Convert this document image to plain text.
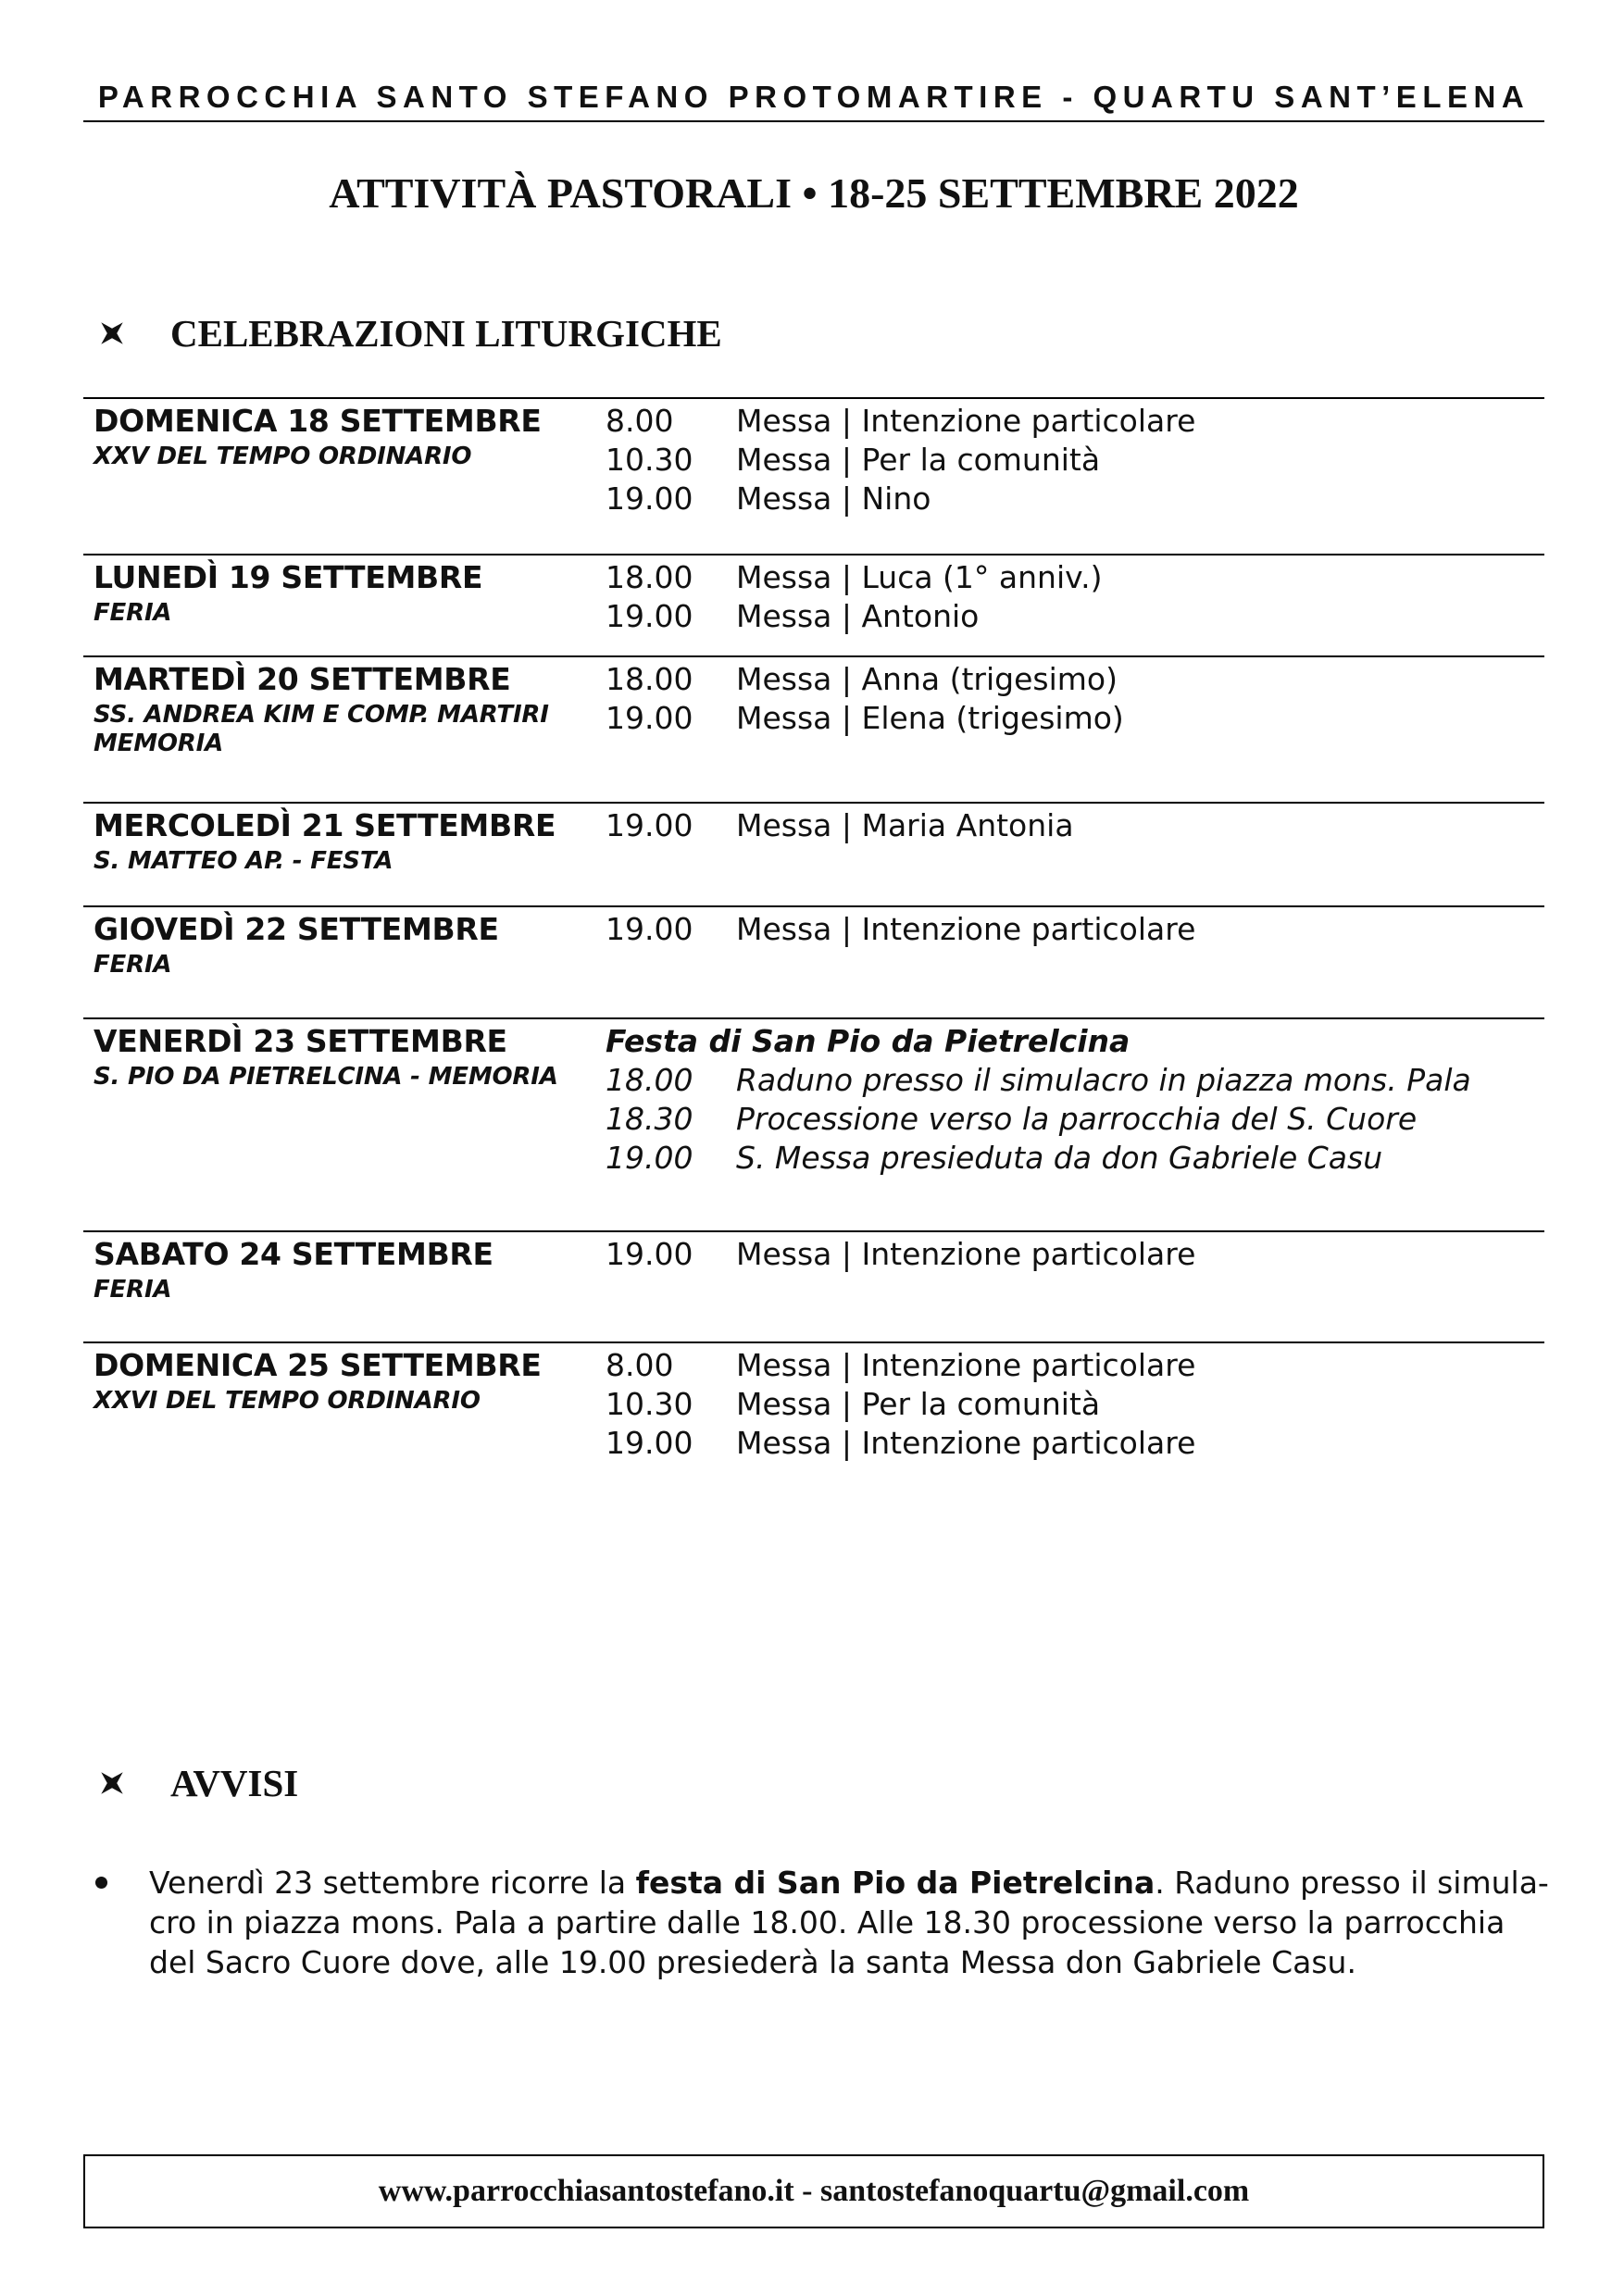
PARROCCHIA SANTO STEFANO PROTOMARTIRE - QUARTU SANT’ELENA
ATTIVITÀ PASTORALI • 18-25 SETTEMBRE 2022
CELEBRAZIONI LITURGICHE
DOMENICA 18 SETTEMBRE
XXV DEL TEMPO ORDINARIO
8.00 Messa | Intenzione particolare
10.30 Messa | Per la comunità
19.00 Messa | Nino
LUNEDÌ 19 SETTEMBRE
FERIA
18.00 Messa | Luca (1° anniv.)
19.00 Messa | Antonio
MARTEDÌ 20 SETTEMBRE
SS. ANDREA KIM E COMP. MARTIRI
MEMORIA
18.00 Messa | Anna (trigesimo)
19.00 Messa | Elena (trigesimo)
MERCOLEDÌ 21 SETTEMBRE
S. MATTEO AP. - FESTA
19.00 Messa | Maria Antonia
GIOVEDÌ 22 SETTEMBRE
FERIA
19.00 Messa | Intenzione particolare
VENERDÌ 23 SETTEMBRE
S. PIO DA PIETRELCINA - MEMORIA
Festa di San Pio da Pietrelcina
18.00 Raduno presso il simulacro in piazza mons. Pala
18.30 Processione verso la parrocchia del S. Cuore
19.00 S. Messa presieduta da don Gabriele Casu
SABATO 24 SETTEMBRE
FERIA
19.00 Messa | Intenzione particolare
DOMENICA 25 SETTEMBRE
XXVI DEL TEMPO ORDINARIO
8.00 Messa | Intenzione particolare
10.30 Messa | Per la comunità
19.00 Messa | Intenzione particolare
AVVISI
Venerdì 23 settembre ricorre la festa di San Pio da Pietrelcina. Raduno presso il simula-
cro in piazza mons. Pala a partire dalle 18.00. Alle 18.30 processione verso la parrocchia
del Sacro Cuore dove, alle 19.00 presiederà la santa Messa don Gabriele Casu.
www.parrocchiasantostefano.it - santostefanoquartu@gmail.com
